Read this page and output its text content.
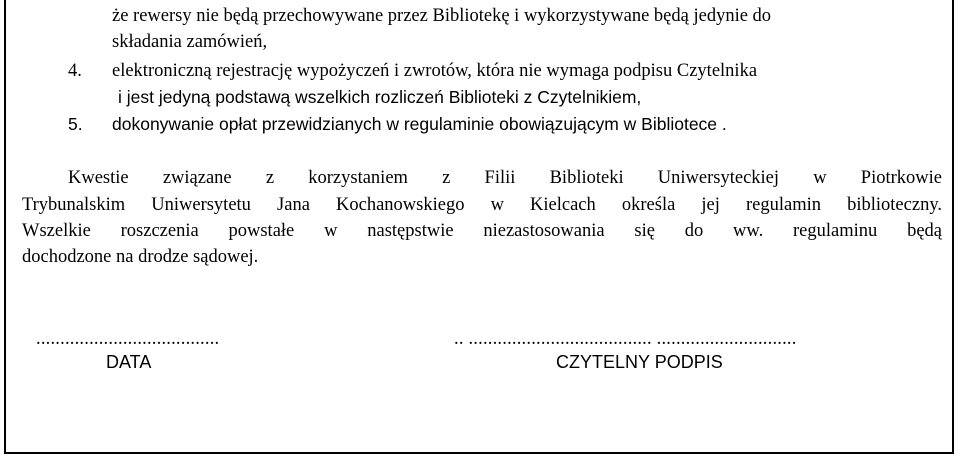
że rewersy nie będą przechowywane przez Bibliotekę i wykorzystywane będą jedynie do
składania zamówień,
4. elektroniczną rejestrację wypożyczeń i zwrotów, która nie wymaga podpisu Czytelnika
i jest jedyną podstawą wszelkich rozliczeń Biblioteki z Czytelnikiem,
5. dokonywanie opłat przewidzianych w regulaminie obowiązującym w Bibliotece .
Kwestie związane z korzystaniem z Filii Biblioteki Uniwersyteckiej w Piotrkowie
Trybunalskim Uniwersytetu Jana Kochanowskiego w Kielcach określa jej regulamin biblioteczny.
Wszelkie roszczenia powstałe w następstwie niezastosowania się do ww. regulaminu będą
dochodzone na drodze sądowej.
......................................
DATA
.. ...................................... .............................
CZYTELNY PODPIS
